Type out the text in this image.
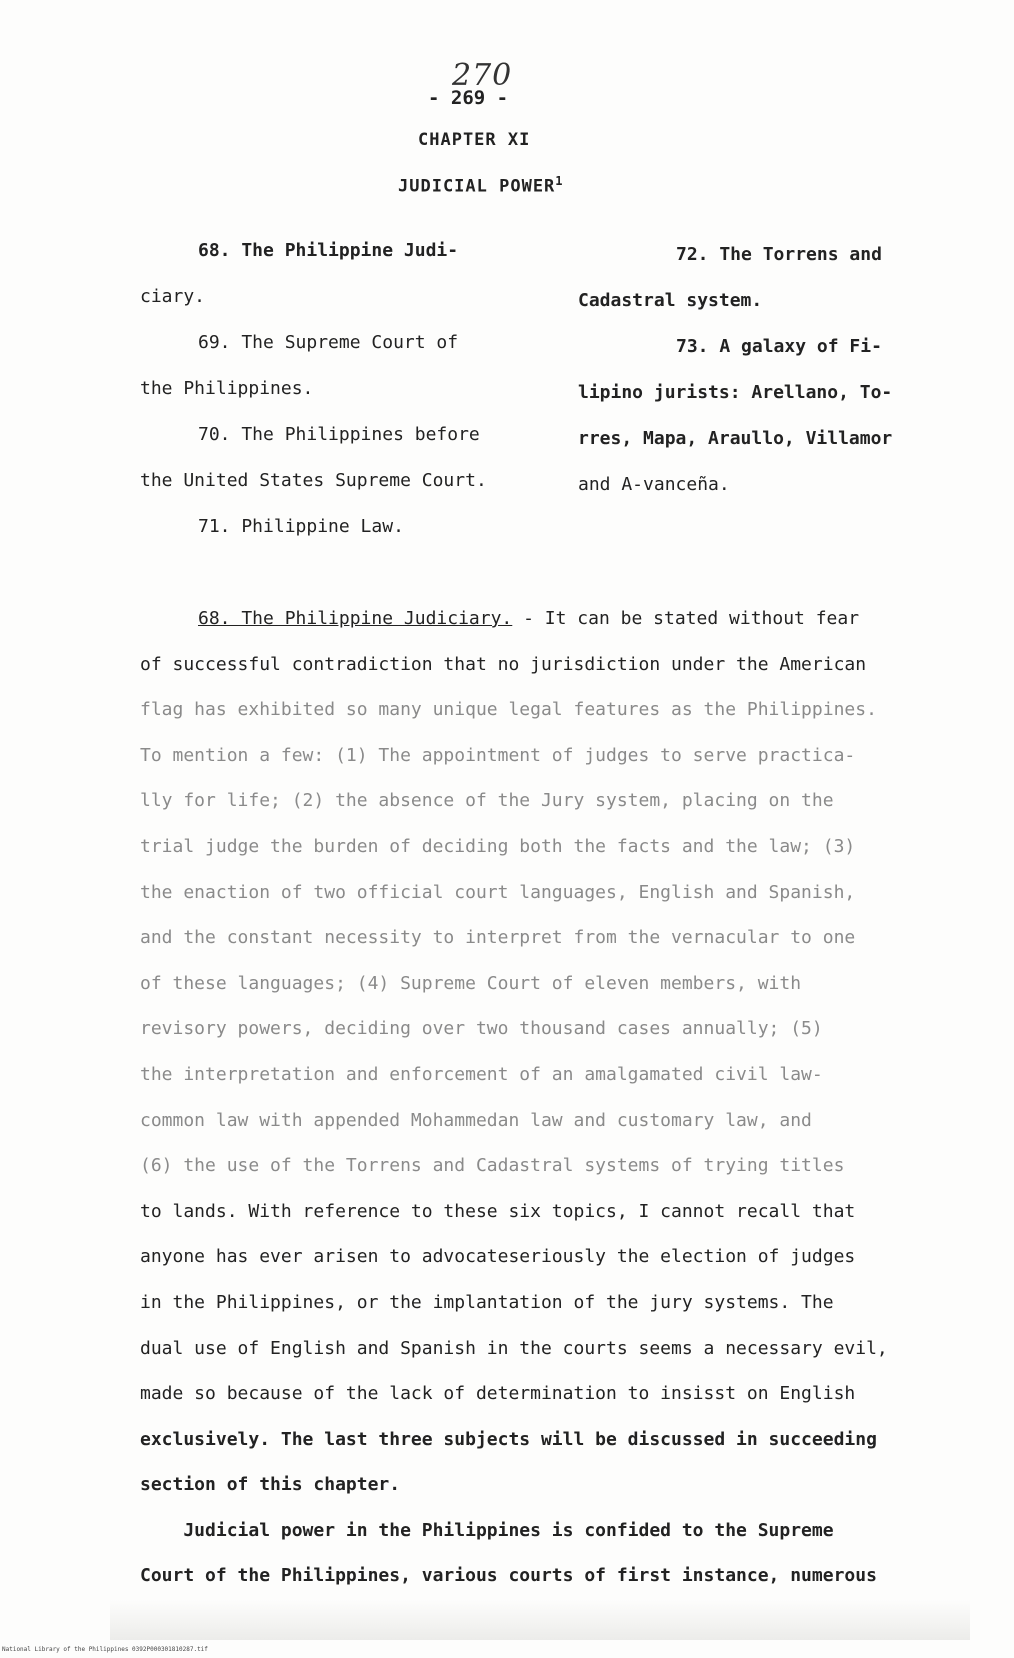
270
- 269 -
CHAPTER XI
JUDICIAL POWER$^1$
68. The Philippine Judi-
ciary.
69. The Supreme Court of
the Philippines.
70. The Philippines before
the United States Supreme Court.
71. Philippine Law.
72. The Torrens and
Cadastral system.
73. A galaxy of Fi-
lipino jurists: Arellano, To-
rres, Mapa, Araullo, Villamor
and A-vanceña.

68. The Philippine Judiciary. - It can be stated without fear

of successful contradiction that no jurisdiction under the American

flag has exhibited so many unique legal features as the Philippines.

To mention a few: (1) The appointment of judges to serve practica-

lly for life; (2) the absence of the Jury system, placing on the

trial judge the burden of deciding both the facts and the law; (3)

the enaction of two official court languages, English and Spanish,

and the constant necessity to interpret from the vernacular to one

of these languages; (4) Supreme Court of eleven members, with

revisory powers, deciding over two thousand cases annually; (5)

the interpretation and enforcement of an amalgamated civil law-

common law with appended Mohammedan law and customary law, and

(6) the use of the Torrens and Cadastral systems of trying titles

to lands. With reference to these six topics, I cannot recall that

anyone has ever arisen to advocateseriously the election of judges

in the Philippines, or the implantation of the jury systems. The

dual use of English and Spanish in the courts seems a necessary evil,

made so because of the lack of determination to insisst on English

exclusively. The last three subjects will be discussed in succeeding

section of this chapter.

Judicial power in the Philippines is confided to the Supreme

Court of the Philippines, various courts of first instance, numerous

National Library of the Philippines 0392P000301810287.tif
